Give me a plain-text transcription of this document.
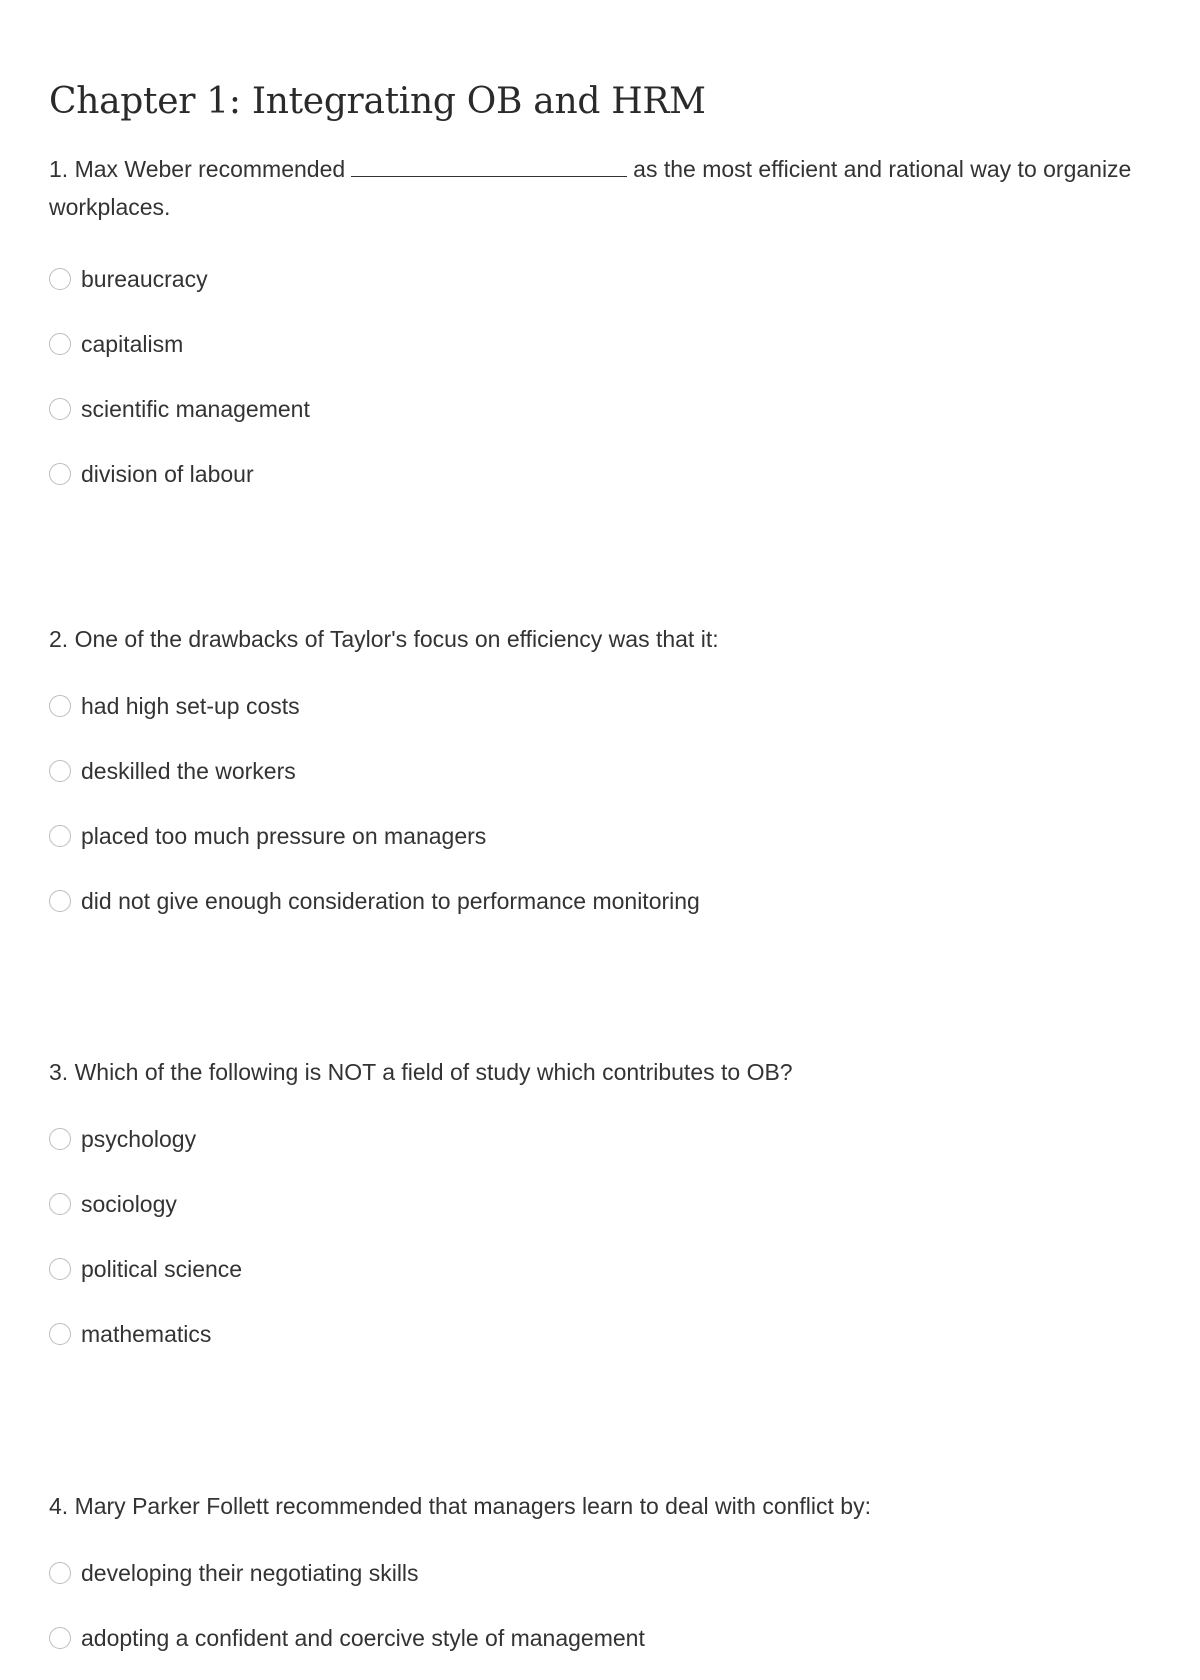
Chapter 1: Integrating OB and HRM

1. Max Weber recommended	as the most efficient and rational way to organize workplaces.

bureaucracy
capitalism
scientific management
division of labour

2. One of the drawbacks of Taylor's focus on efficiency was that it:

had high set-up costs
deskilled the workers
placed too much pressure on managers
did not give enough consideration to performance monitoring

3. Which of the following is NOT a field of study which contributes to OB?

psychology
sociology
political science
mathematics

4. Mary Parker Follett recommended that managers learn to deal with conflict by:

developing their negotiating skills
adopting a confident and coercive style of management
